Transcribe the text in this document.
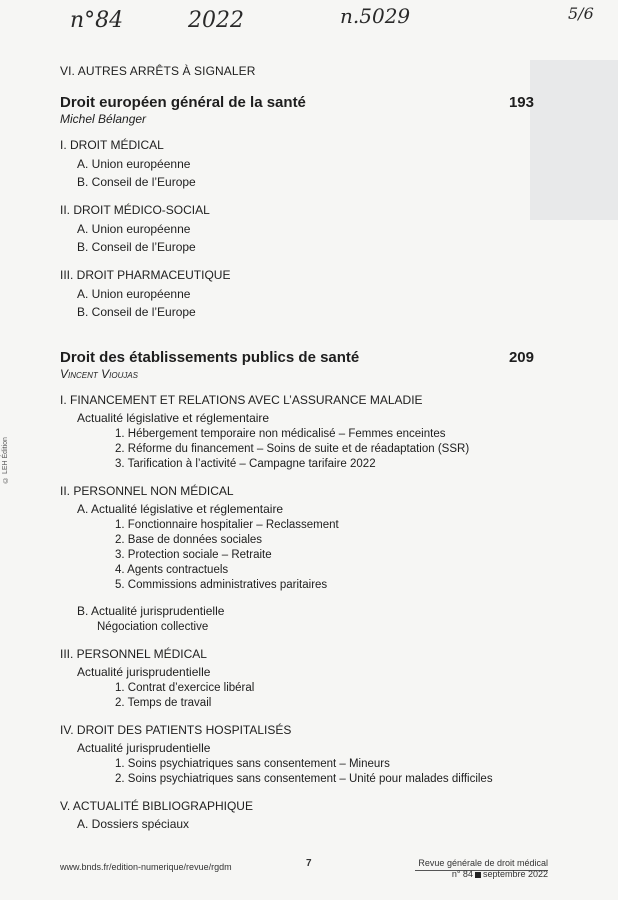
n°84	2022	n.5029	5/6
© LEH Édition
VI. AUTRES ARRÊTS À SIGNALER
Droit européen général de la santé	193
Michel Bélanger
I. DROIT MÉDICAL
A. Union européenne
B. Conseil de l’Europe
II. DROIT MÉDICO-SOCIAL
A. Union européenne
B. Conseil de l’Europe
III. DROIT PHARMACEUTIQUE
A. Union européenne
B. Conseil de l’Europe
Droit des établissements publics de santé	209
Vincent Vioujas
I. FINANCEMENT ET RELATIONS AVEC L’ASSURANCE MALADIE
Actualité législative et réglementaire
1. Hébergement temporaire non médicalisé – Femmes enceintes
2. Réforme du financement – Soins de suite et de réadaptation (SSR)
3. Tarification à l’activité – Campagne tarifaire 2022
II. PERSONNEL NON MÉDICAL
A. Actualité législative et réglementaire
1. Fonctionnaire hospitalier – Reclassement
2. Base de données sociales
3. Protection sociale – Retraite
4. Agents contractuels
5. Commissions administratives paritaires
B. Actualité jurisprudentielle
Négociation collective
III. PERSONNEL MÉDICAL
Actualité jurisprudentielle
1. Contrat d’exercice libéral
2. Temps de travail
IV. DROIT DES PATIENTS HOSPITALISÉS
Actualité jurisprudentielle
1. Soins psychiatriques sans consentement – Mineurs
2. Soins psychiatriques sans consentement – Unité pour malades difficiles
V. ACTUALITÉ BIBLIOGRAPHIQUE
A. Dossiers spéciaux
www.bnds.fr/edition-numerique/revue/rgdm	7	Revue générale de droit médical
n° 84 septembre 2022
